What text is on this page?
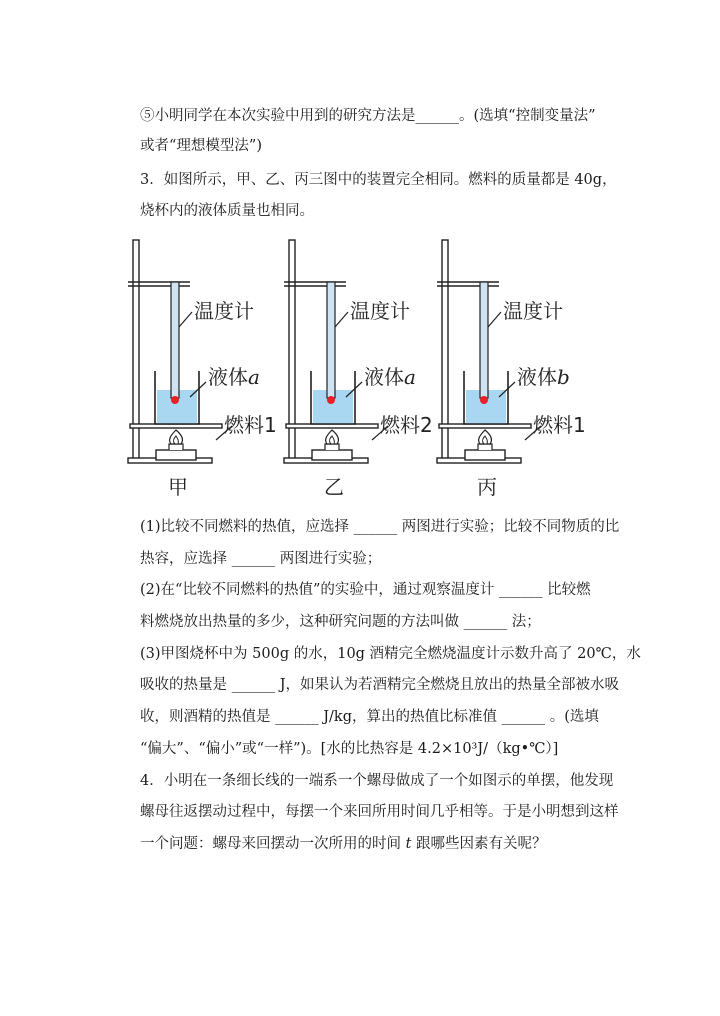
⑤小明同学在本次实验中用到的研究方法是______。(选填“控制变量法”
或者“理想模型法”)
3．如图所示，甲、乙、丙三图中的装置完全相同。燃料的质量都是 40g，
烧杯内的液体质量也相同。
(1)比较不同燃料的热值，应选择 ______ 两图进行实验；比较不同物质的比
热容，应选择 ______ 两图进行实验；
(2)在“比较不同燃料的热值”的实验中，通过观察温度计 ______ 比较燃
料燃烧放出热量的多少，这种研究问题的方法叫做 ______ 法；
(3)甲图烧杯中为 500g 的水，10g 酒精完全燃烧温度计示数升高了 20℃，水
吸收的热量是 ______ J，如果认为若酒精完全燃烧且放出的热量全部被水吸
收，则酒精的热值是 ______ J/kg，算出的热值比标准值 ______ 。(选填
“偏大”、“偏小”或“一样”)。[水的比热容是 4.2×10³J/（kg•℃）]
4．小明在一条细长线的一端系一个螺母做成了一个如图示的单摆，他发现
螺母往返摆动过程中，每摆一个来回所用时间几乎相等。于是小明想到这样
一个问题：螺母来回摆动一次所用的时间 t 跟哪些因素有关呢？
温度计
液体a
燃料1
甲
温度计
液体a
燃料2
乙
温度计
液体b
燃料1
丙
